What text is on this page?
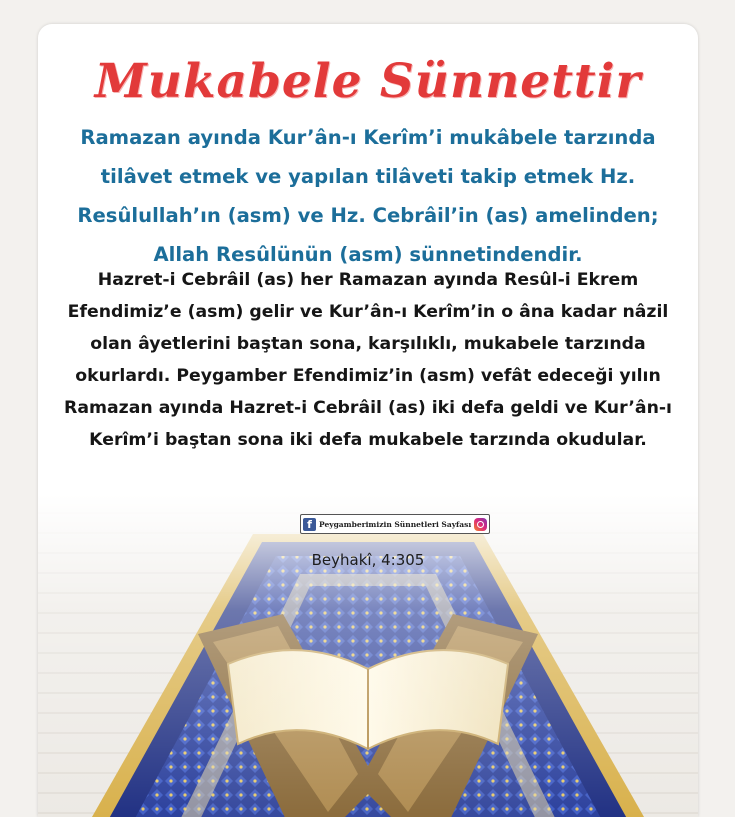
Mukabele Sünnettir
Ramazan ayında Kur’ân-ı Kerîm’i mukâbele tarzında tilâvet etmek ve yapılan tilâveti takip etmek Hz. Resûlullah’ın (asm) ve Hz. Cebrâil’in (as) amelinden; Allah Resûlünün (asm) sünnetindendir.
Hazret-i Cebrâil (as) her Ramazan ayında Resûl-i Ekrem Efendimiz’e (asm) gelir ve Kur’ân-ı Kerîm’in o âna kadar nâzil olan âyetlerini baştan sona, karşılıklı, mukabele tarzında okurlardı. Peygamber Efendimiz’in (asm) vefât edeceği yılın Ramazan ayında Hazret-i Cebrâil (as) iki defa geldi ve Kur’ân-ı Kerîm’i baştan sona iki defa mukabele tarzında okudular.
f Peygamberimizin Sünnetleri Sayfası
Beyhakî, 4:305
